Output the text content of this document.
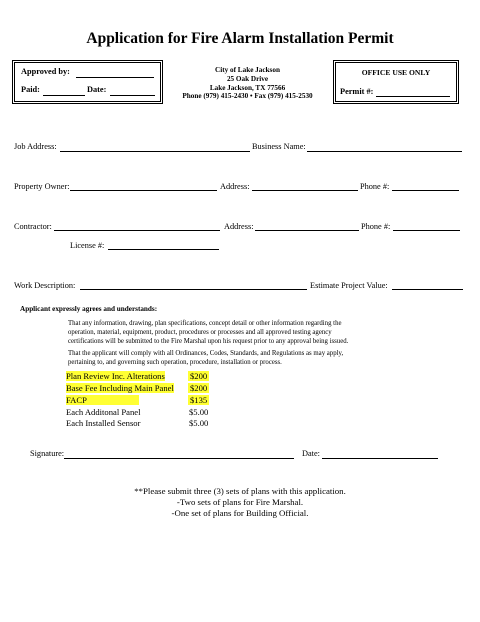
Application for Fire Alarm Installation Permit
Approved by:
Paid:	Date:
City of Lake Jackson
25 Oak Drive
Lake Jackson, TX 77566
Phone (979) 415-2430 • Fax (979) 415-2530
OFFICE USE ONLY
Permit #:
Job Address:	Business Name:
Property Owner:	Address:	Phone #:
Contractor:	Address:	Phone #:
License #:
Work Description:	Estimate Project Value:
Applicant expressly agrees and understands:
That any information, drawing, plan specifications, concept detail or other information regarding the
operation, material, equipment, product, procedures or processes and all approved testing agency
certifications will be submitted to the Fire Marshal upon his request prior to any approval being issued.
That the applicant will comply with all Ordinances, Codes, Standards, and Regulations as may apply,
pertaining to, and governing such operation, procedure, installation or process.
Plan Review Inc. Alterations	$200
Base Fee Including Main Panel $200
FACP	$135
Each Additonal Panel	$5.00
Each Installed Sensor	$5.00
Signature:	Date:
**Please submit three (3) sets of plans with this application.
-Two sets of plans for Fire Marshal.
-One set of plans for Building Official.
